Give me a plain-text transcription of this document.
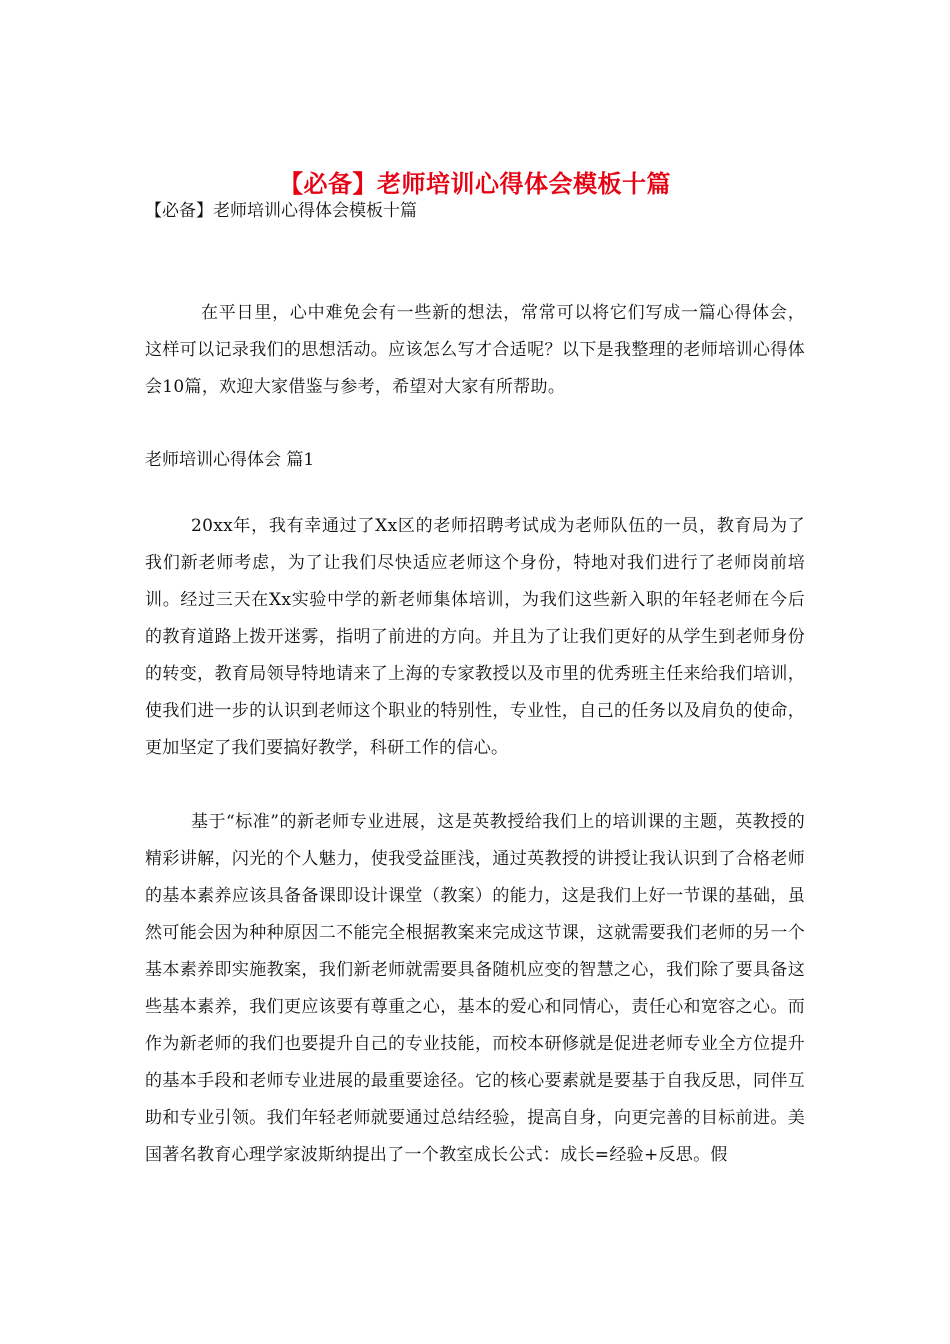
【必备】老师培训心得体会模板十篇
【必备】老师培训心得体会模板十篇

在平日里，心中难免会有一些新的想法，常常可以将它们写成一篇心得体会，这样可以记录我们的思想活动。应该怎么写才合适呢？以下是我整理的老师培训心得体会10篇，欢迎大家借鉴与参考，希望对大家有所帮助。

老师培训心得体会 篇1

20xx年，我有幸通过了Xx区的老师招聘考试成为老师队伍的一员，教育局为了我们新老师考虑，为了让我们尽快适应老师这个身份，特地对我们进行了老师岗前培训。经过三天在Xx实验中学的新老师集体培训，为我们这些新入职的年轻老师在今后的教育道路上拨开迷雾，指明了前进的方向。并且为了让我们更好的从学生到老师身份的转变，教育局领导特地请来了上海的专家教授以及市里的优秀班主任来给我们培训，使我们进一步的认识到老师这个职业的特别性，专业性，自己的任务以及肩负的使命，更加坚定了我们要搞好教学，科研工作的信心。

基于“标准”的新老师专业进展，这是英教授给我们上的培训课的主题，英教授的精彩讲解，闪光的个人魅力，使我受益匪浅，通过英教授的讲授让我认识到了合格老师的基本素养应该具备备课即设计课堂（教案）的能力，这是我们上好一节课的基础，虽然可能会因为种种原因二不能完全根据教案来完成这节课，这就需要我们老师的另一个基本素养即实施教案，我们新老师就需要具备随机应变的智慧之心，我们除了要具备这些基本素养，我们更应该要有尊重之心，基本的爱心和同情心，责任心和宽容之心。而作为新老师的我们也要提升自己的专业技能，而校本研修就是促进老师专业全方位提升的基本手段和老师专业进展的最重要途径。它的核心要素就是要基于自我反思，同伴互助和专业引领。我们年轻老师就要通过总结经验，提高自身，向更完善的目标前进。美国著名教育心理学家波斯纳提出了一个教室成长公式：成长=经验+反思。假
